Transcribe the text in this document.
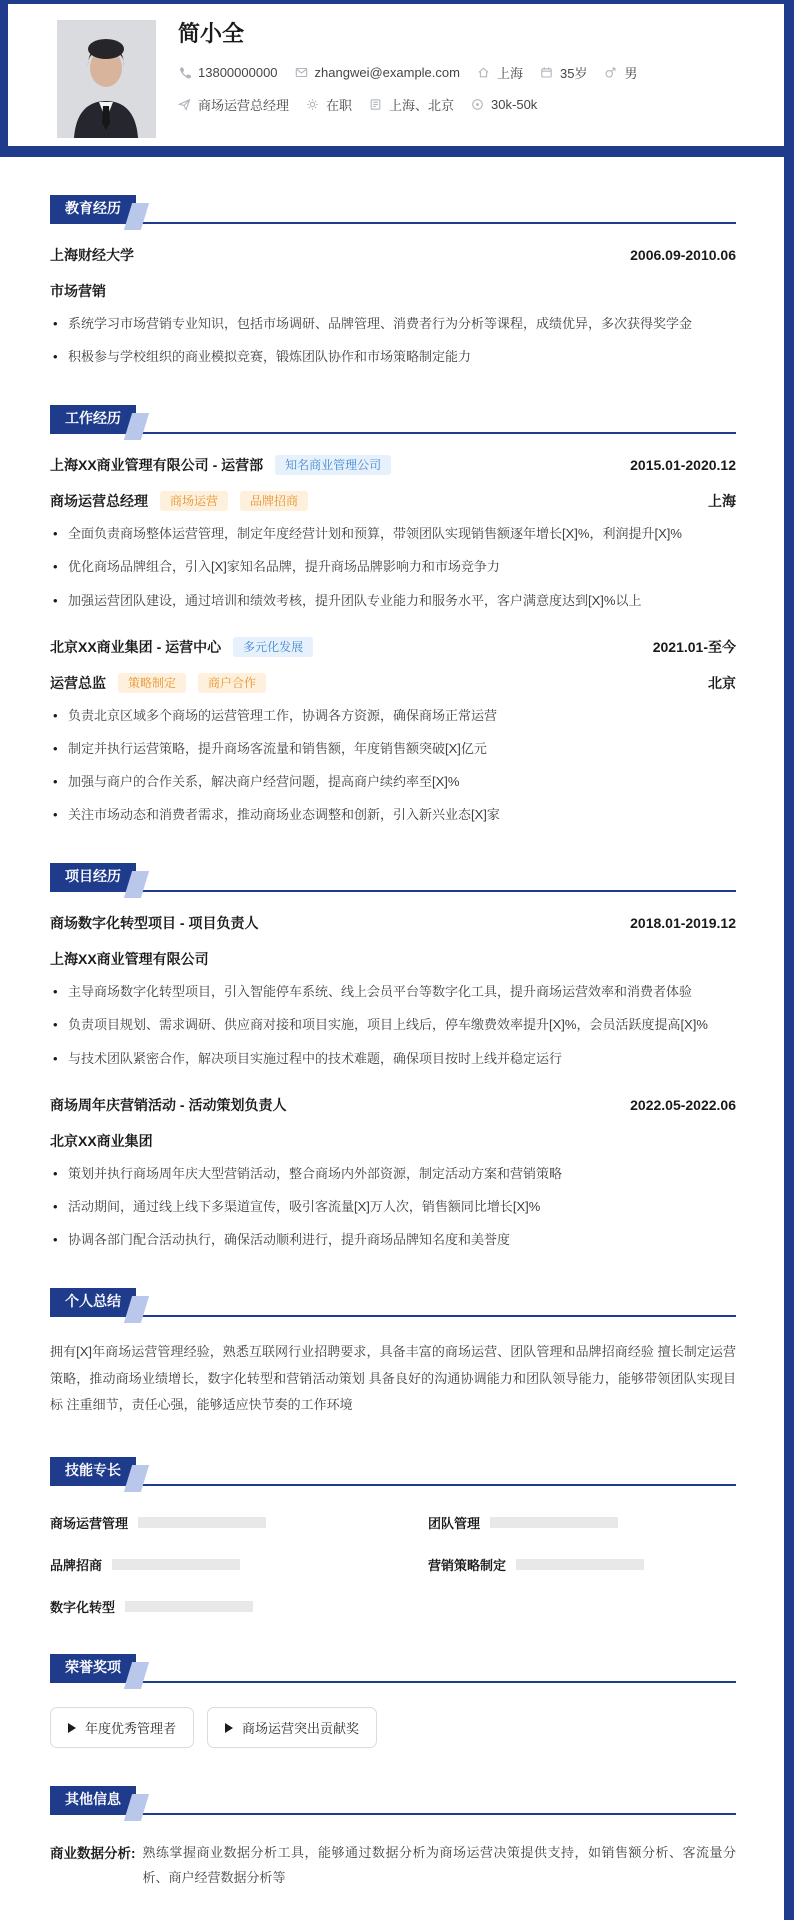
简小全
13800000000	zhangwei@example.com	上海	35岁	男
商场运营总经理	在职	上海、北京	30k-50k
教育经历
上海财经大学	2006.09-2010.06
市场营销
• 系统学习市场营销专业知识，包括市场调研、品牌管理、消费者行为分析等课程，成绩优异，多次获得奖学金
• 积极参与学校组织的商业模拟竞赛，锻炼团队协作和市场策略制定能力
工作经历
上海XX商业管理有限公司 - 运营部	知名商业管理公司	2015.01-2020.12
商场运营总经理	商场运营	品牌招商	上海
• 全面负责商场整体运营管理，制定年度经营计划和预算，带领团队实现销售额逐年增长[X]%，利润提升[X]%
• 优化商场品牌组合，引入[X]家知名品牌，提升商场品牌影响力和市场竞争力
• 加强运营团队建设，通过培训和绩效考核，提升团队专业能力和服务水平，客户满意度达到[X]%以上
北京XX商业集团 - 运营中心	多元化发展	2021.01-至今
运营总监	策略制定	商户合作	北京
• 负责北京区域多个商场的运营管理工作，协调各方资源，确保商场正常运营
• 制定并执行运营策略，提升商场客流量和销售额，年度销售额突破[X]亿元
• 加强与商户的合作关系，解决商户经营问题，提高商户续约率至[X]%
• 关注市场动态和消费者需求，推动商场业态调整和创新，引入新兴业态[X]家
项目经历
商场数字化转型项目 - 项目负责人	2018.01-2019.12
上海XX商业管理有限公司
• 主导商场数字化转型项目，引入智能停车系统、线上会员平台等数字化工具，提升商场运营效率和消费者体验
• 负责项目规划、需求调研、供应商对接和项目实施，项目上线后，停车缴费效率提升[X]%，会员活跃度提高[X]%
• 与技术团队紧密合作，解决项目实施过程中的技术难题，确保项目按时上线并稳定运行
商场周年庆营销活动 - 活动策划负责人	2022.05-2022.06
北京XX商业集团
• 策划并执行商场周年庆大型营销活动，整合商场内外部资源，制定活动方案和营销策略
• 活动期间，通过线上线下多渠道宣传，吸引客流量[X]万人次，销售额同比增长[X]%
• 协调各部门配合活动执行，确保活动顺利进行，提升商场品牌知名度和美誉度
个人总结

拥有[X]年商场运营管理经验，熟悉互联网行业招聘要求，具备丰富的商场运营、团队管理和品牌招商经验 擅长制定运营策略，推动商场业绩增长，数字化转型和营销活动策划 具备良好的沟通协调能力和团队领导能力，能够带领团队实现目标 注重细节，责任心强，能够适应快节奏的工作环境

技能专长
商场运营管理	团队管理
品牌招商	营销策略制定
数字化转型
荣誉奖项
年度优秀管理者	商场运营突出贡献奖
其他信息
商业数据分析: 熟练掌握商业数据分析工具，能够通过数据分析为商场运营决策提供支持，如销售额分析、客流量分析、商户经营数据分析等
